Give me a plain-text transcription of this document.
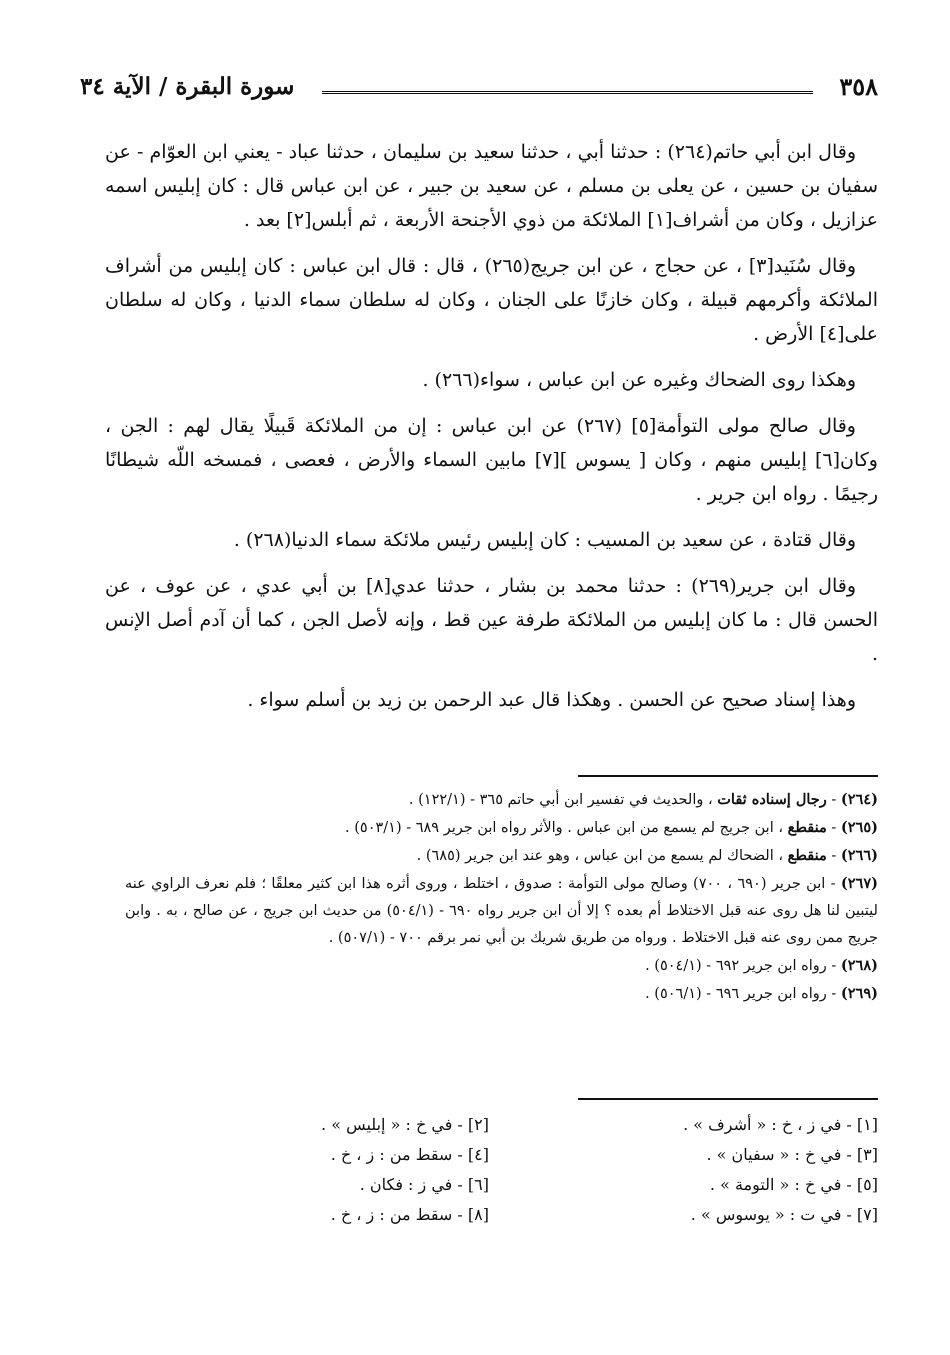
٣٥٨
سورة البقرة / الآية ٣٤

وقال ابن أبي حاتم(٢٦٤) : حدثنا أبي ، حدثنا سعيد بن سليمان ، حدثنا عباد - يعني ابن العوّام - عن سفيان بن حسين ، عن يعلى بن مسلم ، عن سعيد بن جبير ، عن ابن عباس قال : كان إبليس اسمه عزازيل ، وكان من أشراف[١] الملائكة من ذوي الأجنحة الأربعة ، ثم أبلس[٢] بعد .

وقال سُنَيد[٣] ، عن حجاج ، عن ابن جريج(٢٦٥) ، قال : قال ابن عباس : كان إبليس من أشراف الملائكة وأكرمهم قبيلة ، وكان خازنًا على الجنان ، وكان له سلطان سماء الدنيا ، وكان له سلطان على[٤] الأرض .

وهكذا روى الضحاك وغيره عن ابن عباس ، سواء(٢٦٦) .

وقال صالح مولى التوأمة[٥] (٢٦٧) عن ابن عباس : إن من الملائكة قَبيلًا يقال لهم : الجن ، وكان[٦] إبليس منهم ، وكان [ يسوس ][٧] مابين السماء والأرض ، فعصى ، فمسخه اللّه شيطانًا رجيمًا . رواه ابن جرير .

وقال قتادة ، عن سعيد بن المسيب : كان إبليس رئيس ملائكة سماء الدنيا(٢٦٨) .

وقال ابن جرير(٢٦٩) : حدثنا محمد بن بشار ، حدثنا عدي[٨] بن أبي عدي ، عن عوف ، عن الحسن قال : ما كان إبليس من الملائكة طرفة عين قط ، وإنه لأصل الجن ، كما أن آدم أصل الإنس .

وهذا إسناد صحيح عن الحسن . وهكذا قال عبد الرحمن بن زيد بن أسلم سواء .

(٢٦٤) - رجال إسناده ثقات ، والحديث في تفسير ابن أبي حاتم ٣٦٥ - (١٢٢/١) .

(٢٦٥) - منقطع ، ابن جريج لم يسمع من ابن عباس . والأثر رواه ابن جرير ٦٨٩ - (٥٠٣/١) .

(٢٦٦) - منقطع ، الضحاك لم يسمع من ابن عباس ، وهو عند ابن جرير (٦٨٥) .

(٢٦٧) - ابن جرير (٦٩٠ ، ٧٠٠) وصالح مولى التوأمة : صدوق ، اختلط ، وروى أثره هذا ابن كثير معلقًا ؛ فلم نعرف الراوي عنه ليتبين لنا هل روى عنه قبل الاختلاط أم بعده ؟ إلا أن ابن جرير رواه ٦٩٠ - (٥٠٤/١) من حديث ابن جريج ، عن صالح ، به . وابن جريج ممن روى عنه قبل الاختلاط . ورواه من طريق شريك بن أبي نمر برقم ٧٠٠ - (٥٠٧/١) .

(٢٦٨) - رواه ابن جرير ٦٩٢ - (٥٠٤/١) .

(٢٦٩) - رواه ابن جرير ٦٩٦ - (٥٠٦/١) .

[١] - في ز ، خ : « أشرف » .
[٢] - في خ : « إبليس » .
[٣] - في خ : « سفيان » .
[٤] - سقط من : ز ، خ .
[٥] - في خ : « التومة » .
[٦] - في ز : فكان .
[٧] - في ت : « يوسوس » .
[٨] - سقط من : ز ، خ .
